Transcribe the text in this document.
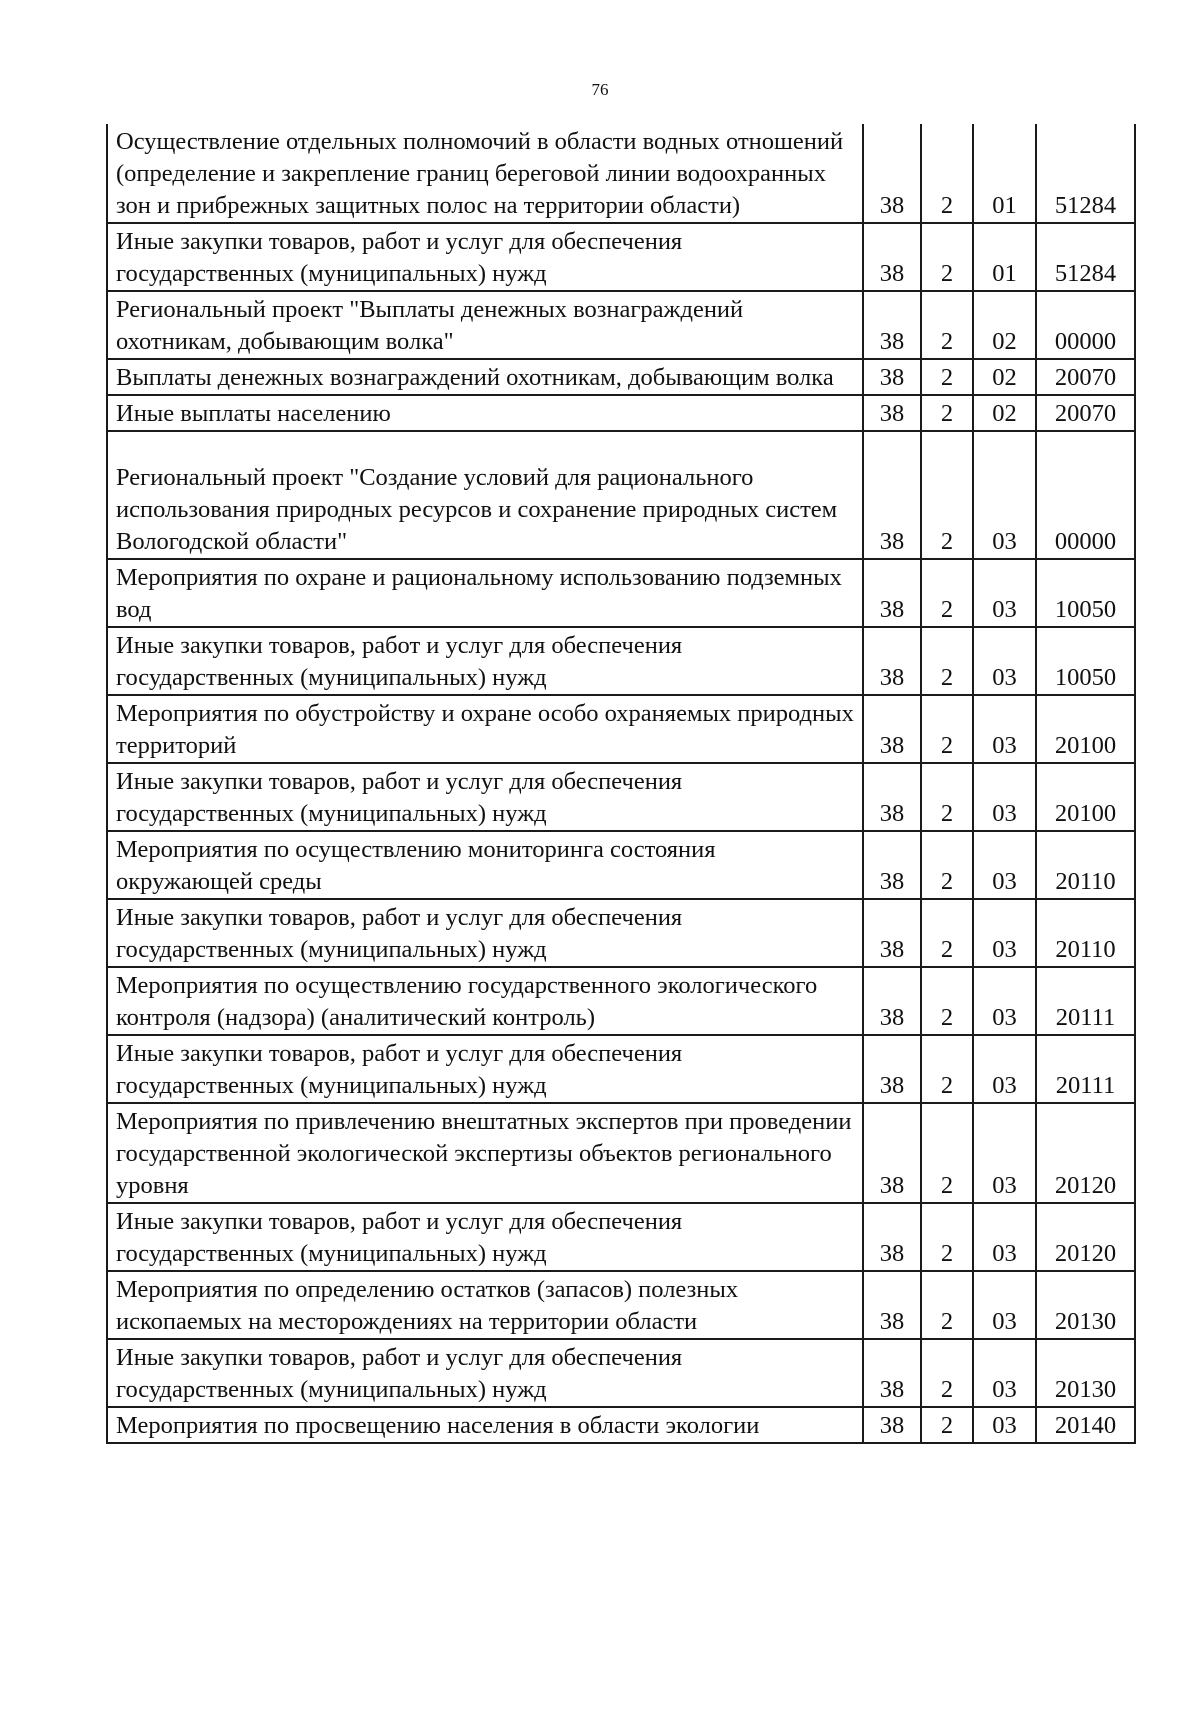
76
Осуществление отдельных полномочий в области водных отношений (определение и закрепление границ береговой линии водоохранных зон и прибрежных защитных полос на территории области)	38	2	01	51284
Иные закупки товаров, работ и услуг для обеспечения государственных (муниципальных) нужд	38	2	01	51284
Региональный проект "Выплаты денежных вознаграждений охотникам, добывающим волка"	38	2	02	00000
Выплаты денежных вознаграждений охотникам, добывающим волка	38	2	02	20070
Иные выплаты населению	38	2	02	20070
Региональный проект "Создание условий для рационального использования природных ресурсов и сохранение природных систем Вологодской области"	38	2	03	00000
Мероприятия по охране и рациональному использованию подземных вод	38	2	03	10050
Иные закупки товаров, работ и услуг для обеспечения государственных (муниципальных) нужд	38	2	03	10050
Мероприятия по обустройству и охране особо охраняемых природных территорий	38	2	03	20100
Иные закупки товаров, работ и услуг для обеспечения государственных (муниципальных) нужд	38	2	03	20100
Мероприятия по осуществлению мониторинга состояния окружающей среды	38	2	03	20110
Иные закупки товаров, работ и услуг для обеспечения государственных (муниципальных) нужд	38	2	03	20110
Мероприятия по осуществлению государственного экологического контроля (надзора) (аналитический контроль)	38	2	03	20111
Иные закупки товаров, работ и услуг для обеспечения государственных (муниципальных) нужд	38	2	03	20111
Мероприятия по привлечению внештатных экспертов при проведении государственной экологической экспертизы объектов регионального уровня	38	2	03	20120
Иные закупки товаров, работ и услуг для обеспечения государственных (муниципальных) нужд	38	2	03	20120
Мероприятия по определению остатков (запасов) полезных ископаемых на месторождениях на территории области	38	2	03	20130
Иные закупки товаров, работ и услуг для обеспечения государственных (муниципальных) нужд	38	2	03	20130
Мероприятия по просвещению населения в области экологии	38	2	03	20140
